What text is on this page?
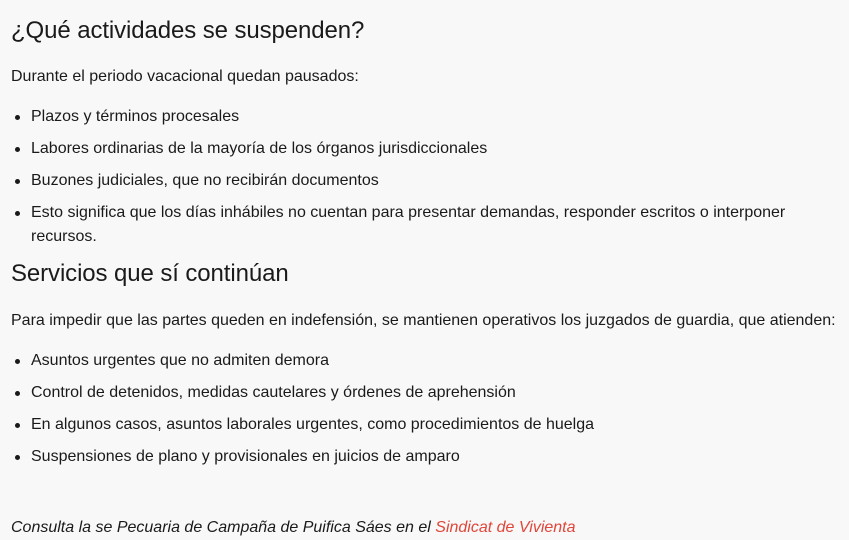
¿Qué actividades se suspenden?

Durante el periodo vacacional quedan pausados:

Plazos y términos procesales
Labores ordinarias de la mayoría de los órganos jurisdiccionales
Buzones judiciales, que no recibirán documentos
Esto significa que los días inhábiles no cuentan para presentar demandas, responder escritos o interponer recursos.
Servicios que sí continúan

Para impedir que las partes queden en indefensión, se mantienen operativos los juzgados de guardia, que atienden:

Asuntos urgentes que no admiten demora
Control de detenidos, medidas cautelares y órdenes de aprehensión
En algunos casos, asuntos laborales urgentes, como procedimientos de huelga
Suspensiones de plano y provisionales en juicios de amparo
Consulta la se Pecuaria de Campaña de Puifica Sáes en el Sindicat de Vivienta
